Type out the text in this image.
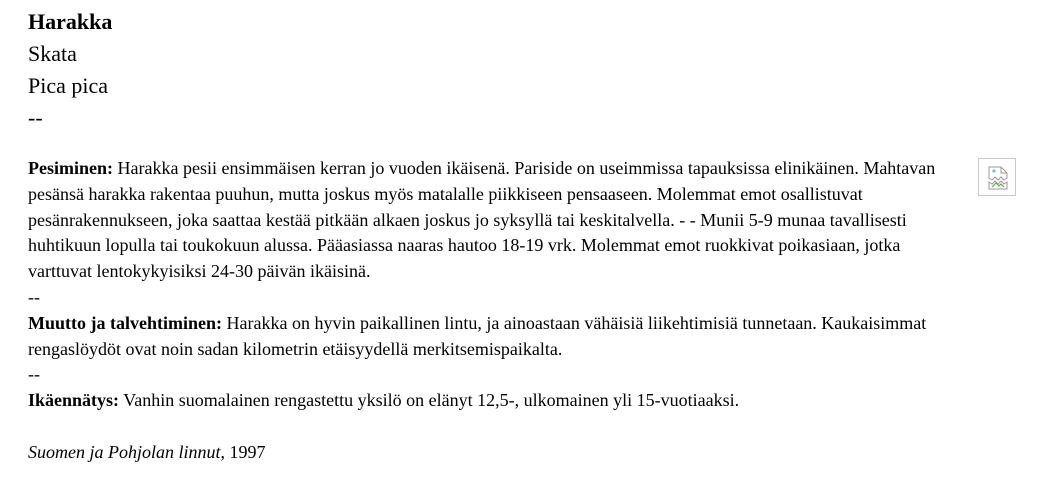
Harakka
Skata
Pica pica
--
Pesiminen: Harakka pesii ensimmäisen kerran jo vuoden ikäisenä. Pariside on useimmissa tapauksissa elinikäinen. Mahtavan pesänsä harakka rakentaa puuhun, mutta joskus myös matalalle piikkiseen pensaaseen. Molemmat emot osallistuvat pesänrakennukseen, joka saattaa kestää pitkään alkaen joskus jo syksyllä tai keskitalvella. - - Munii 5-9 munaa tavallisesti huhtikuun lopulla tai toukokuun alussa. Pääasiassa naaras hautoo 18-19 vrk. Molemmat emot ruokkivat poikasiaan, jotka varttuvat lentokykyisiksi 24-30 päivän ikäisinä.
--
Muutto ja talvehtiminen: Harakka on hyvin paikallinen lintu, ja ainoastaan vähäisiä liikehtimisiä tunnetaan. Kaukaisimmat rengaslöydöt ovat noin sadan kilometrin etäisyydellä merkitsemispaikalta.
--
Ikäennätys: Vanhin suomalainen rengastettu yksilö on elänyt 12,5-, ulkomainen yli 15-vuotiaaksi.
Suomen ja Pohjolan linnut, 1997
